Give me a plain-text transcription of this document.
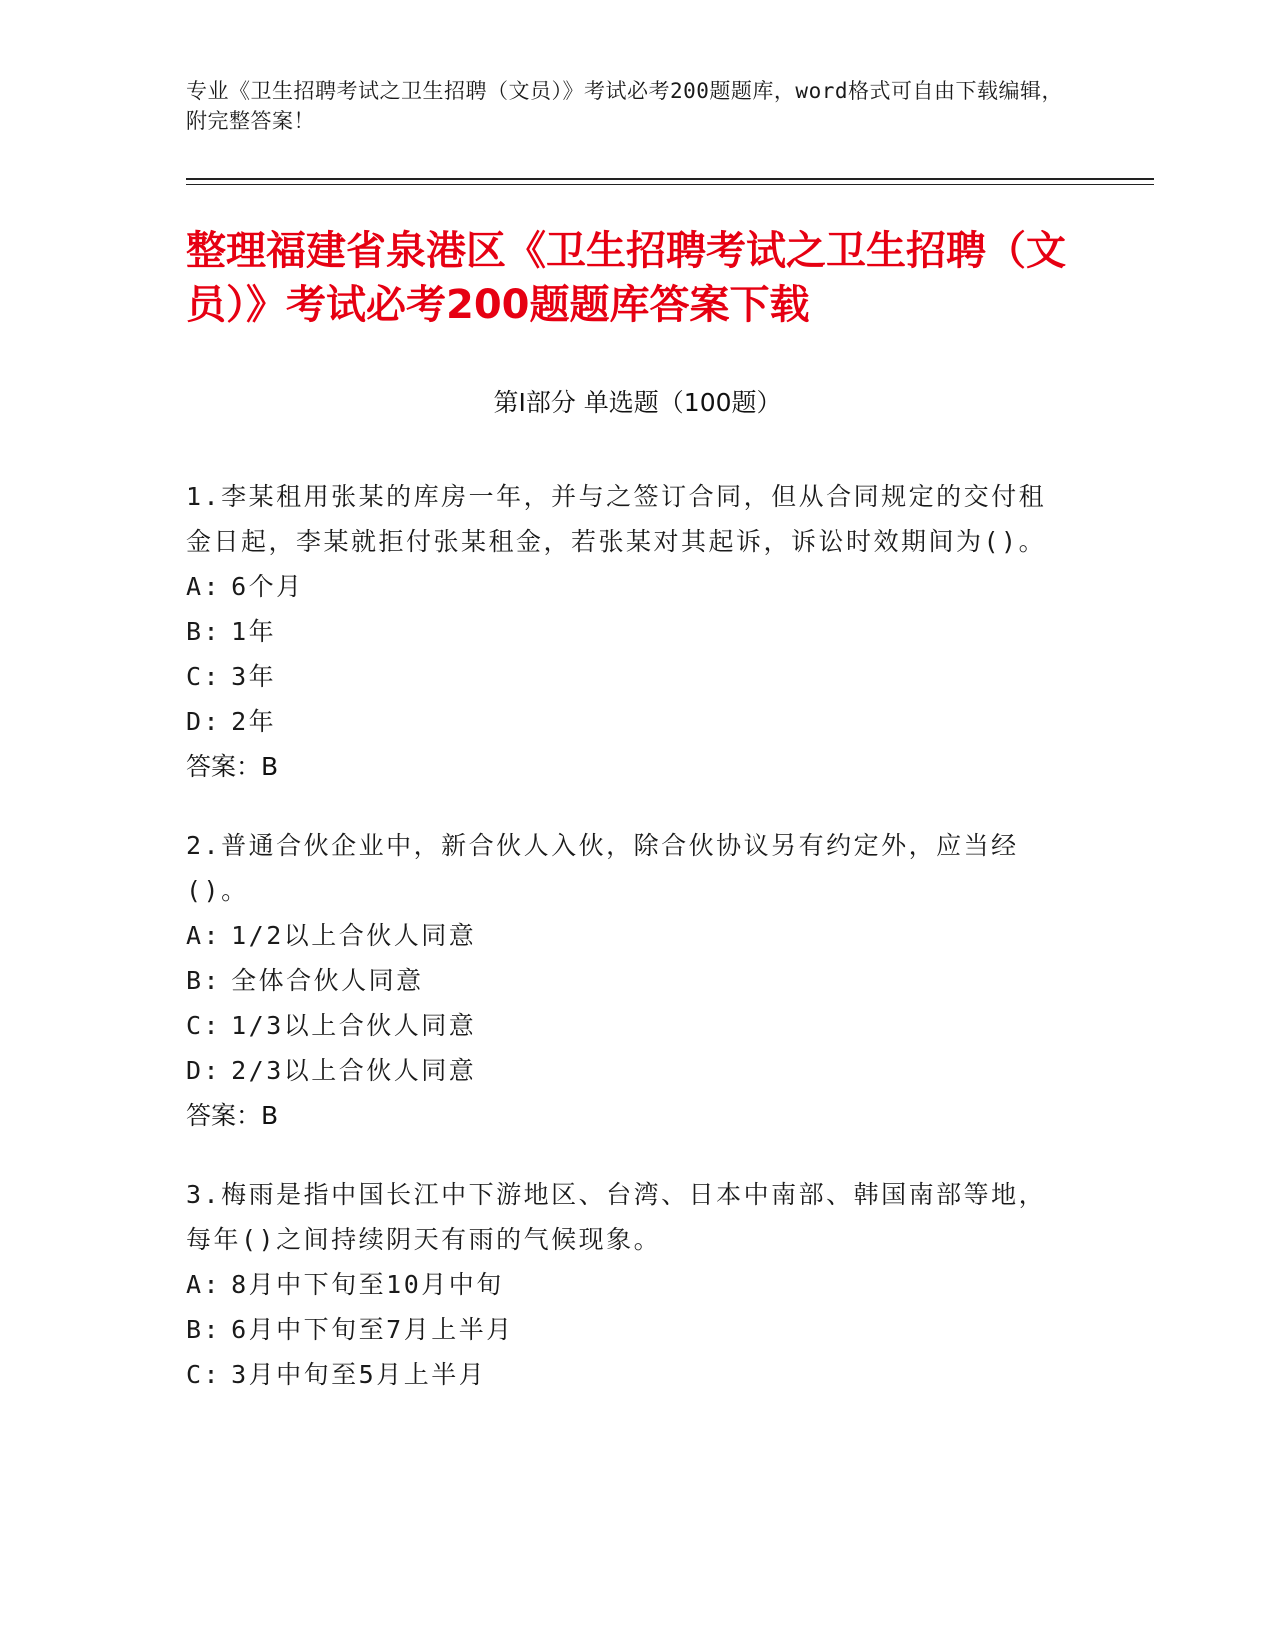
专业《卫生招聘考试之卫生招聘（文员）》考试必考200题题库，word格式可自由下载编辑，附完整答案！
整理福建省泉港区《卫生招聘考试之卫生招聘（文员）》考试必考200题题库答案下载
第I部分 单选题（100题）

1.李某租用张某的库房一年，并与之签订合同，但从合同规定的交付租金日起，李某就拒付张某租金，若张某对其起诉，诉讼时效期间为()。

A: 6个月
B: 1年
C: 3年
D: 2年
答案：B

2.普通合伙企业中，新合伙人入伙，除合伙协议另有约定外，应当经()。

A: 1/2以上合伙人同意
B: 全体合伙人同意
C: 1/3以上合伙人同意
D: 2/3以上合伙人同意
答案：B

3.梅雨是指中国长江中下游地区、台湾、日本中南部、韩国南部等地，每年()之间持续阴天有雨的气候现象。

A: 8月中下旬至10月中旬
B: 6月中下旬至7月上半月
C: 3月中旬至5月上半月
